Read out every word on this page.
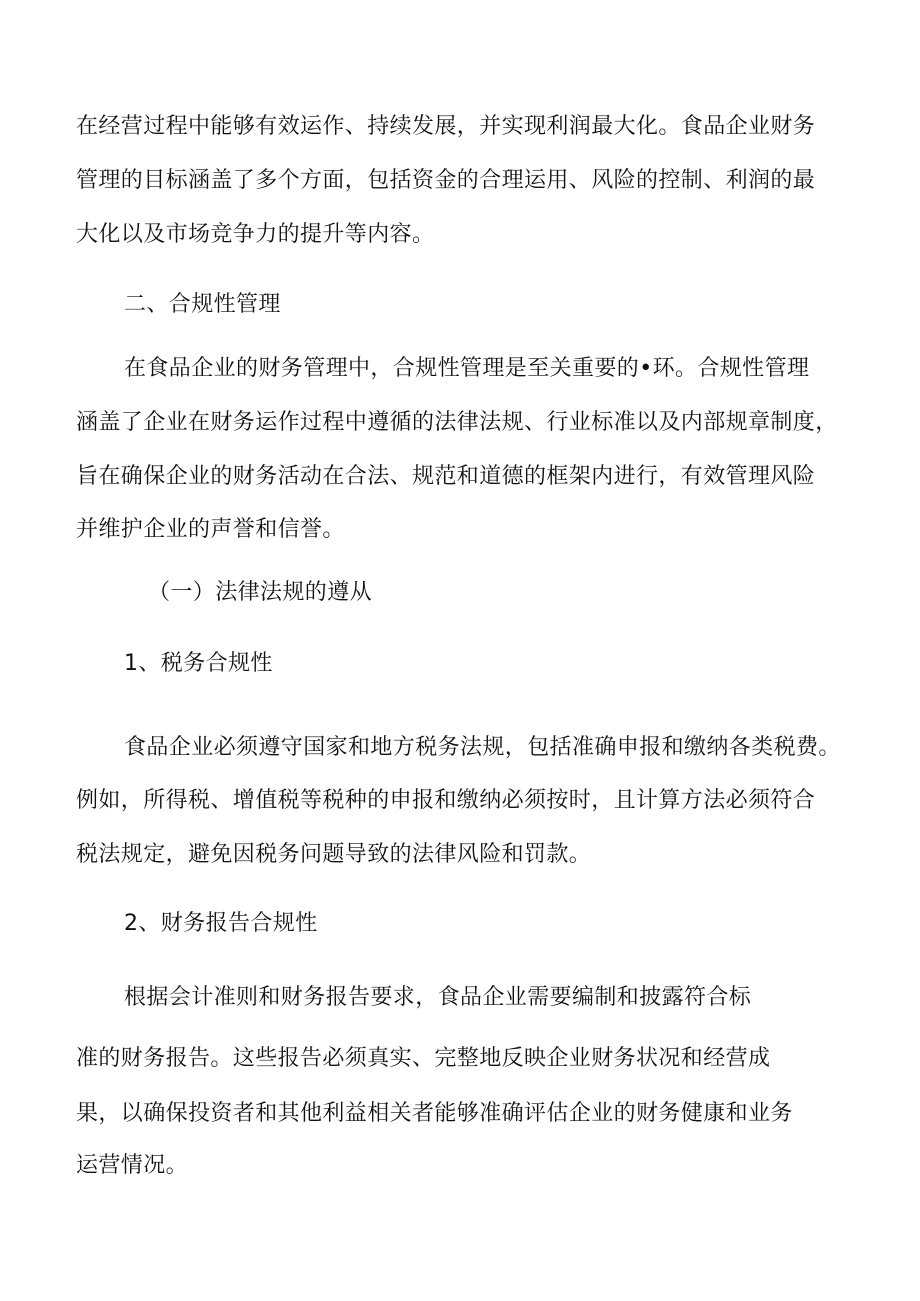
在经营过程中能够有效运作、持续发展，并实现利润最大化。食品企业财务
管理的目标涵盖了多个方面，包括资金的合理运用、风险的控制、利润的最
大化以及市场竞争力的提升等内容。
二、合规性管理
在食品企业的财务管理中，合规性管理是至关重要的•环。合规性管理
涵盖了企业在财务运作过程中遵循的法律法规、行业标准以及内部规章制度，
旨在确保企业的财务活动在合法、规范和道德的框架内进行，有效管理风险
并维护企业的声誉和信誉。
（一）法律法规的遵从
1、税务合规性
食品企业必须遵守国家和地方税务法规，包括准确申报和缴纳各类税费。
例如，所得税、增值税等税种的申报和缴纳必须按时，且计算方法必须符合
税法规定，避免因税务问题导致的法律风险和罚款。
2、财务报告合规性
根据会计准则和财务报告要求，食品企业需要编制和披露符合标
准的财务报告。这些报告必须真实、完整地反映企业财务状况和经营成
果，以确保投资者和其他利益相关者能够准确评估企业的财务健康和业务
运营情况。
